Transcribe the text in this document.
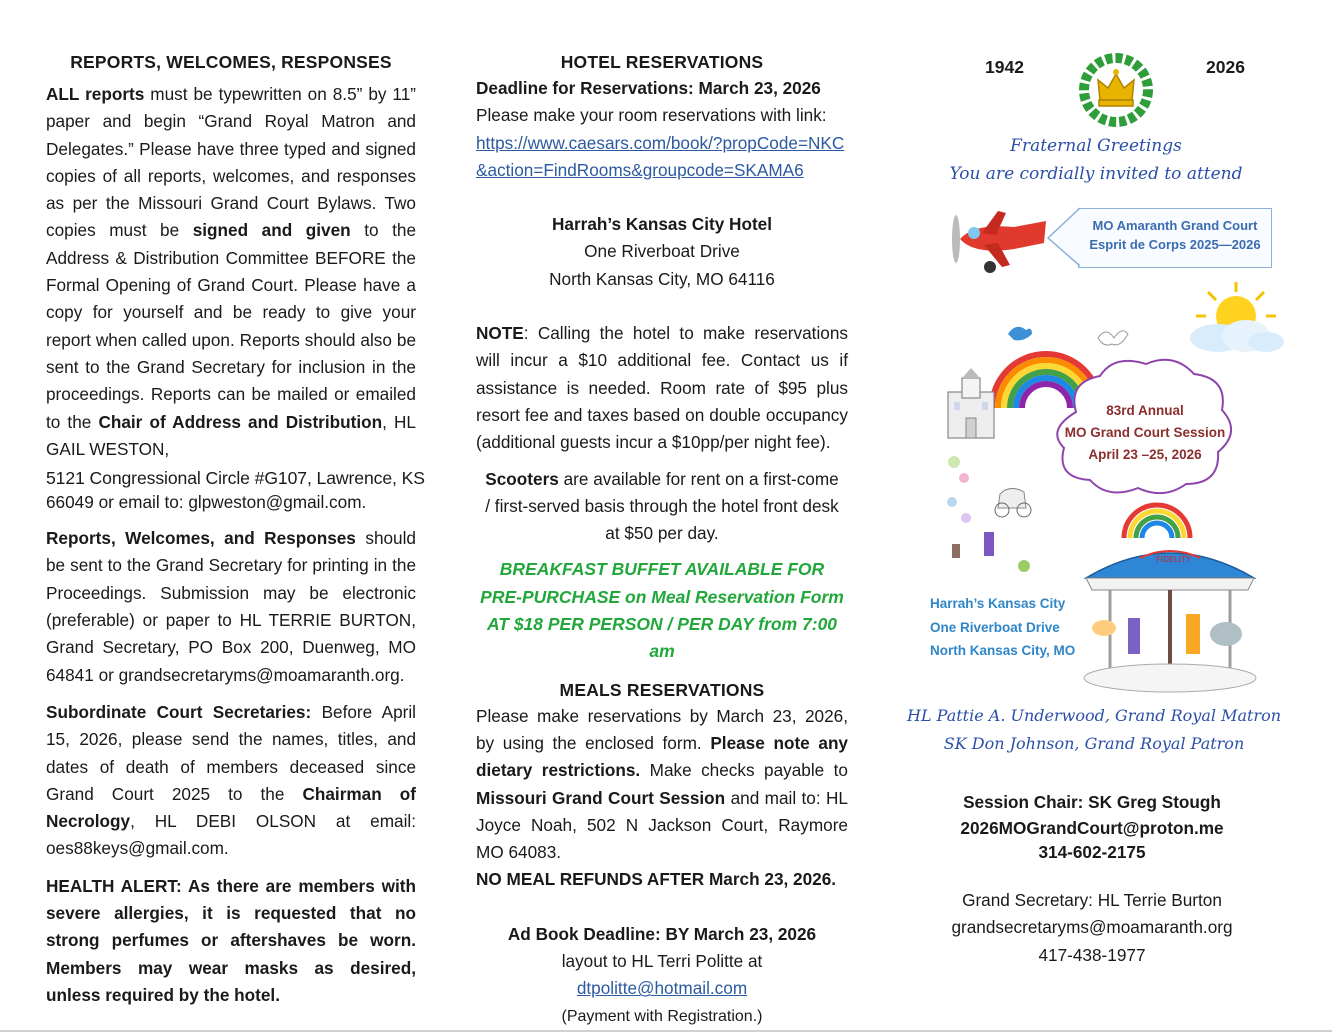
REPORTS, WELCOMES, RESPONSES

ALL reports must be typewritten on 8.5” by 11” paper and begin “Grand Royal Matron and Delegates.” Please have three typed and signed copies of all reports, welcomes, and responses as per the Missouri Grand Court Bylaws. Two copies must be signed and given to the Address & Distribution Committee BEFORE the Formal Opening of Grand Court. Please have a copy for yourself and be ready to give your report when called upon. Reports should also be sent to the Grand Secretary for inclusion in the proceedings. Reports can be mailed or emailed to the Chair of Address and Distribution, HL GAIL WESTON,

5121 Congressional Circle #G107, Lawrence, KS
66049 or email to: glpweston@gmail.com.

Reports, Welcomes, and Responses should be sent to the Grand Secretary for printing in the Proceedings. Submission may be electronic (preferable) or paper to HL TERRIE BURTON, Grand Secretary, PO Box 200, Duenweg, MO 64841 or grandsecretaryms@moamaranth.org.

Subordinate Court Secretaries: Before April 15, 2026, please send the names, titles, and dates of death of members deceased since Grand Court 2025 to the Chairman of Necrology, HL DEBI OLSON at email: oes88keys@gmail.com.

HEALTH ALERT: As there are members with severe allergies, it is requested that no strong perfumes or aftershaves be worn. Members may wear masks as desired, unless required by the hotel.

HOTEL RESERVATIONS
Deadline for Reservations: March 23, 2026
Please make your room reservations with link:
https://www.caesars.com/book/?propCode=NKC
&action=FindRooms&groupcode=SKAMA6
Harrah’s Kansas City Hotel
One Riverboat Drive
North Kansas City, MO 64116

NOTE: Calling the hotel to make reservations will incur a $10 additional fee. Contact us if assistance is needed. Room rate of $95 plus resort fee and taxes based on double occupancy (additional guests incur a $10pp/per night fee).

Scooters are available for rent on a first-come / first-served basis through the hotel front desk at $50 per day.

BREAKFAST BUFFET AVAILABLE FOR
PRE-PURCHASE on Meal Reservation Form
AT $18 PER PERSON / PER DAY from 7:00 am
MEALS RESERVATIONS

Please make reservations by March 23, 2026, by using the enclosed form. Please note any dietary restrictions. Make checks payable to Missouri Grand Court Session and mail to: HL Joyce Noah, 502 N Jackson Court, Raymore MO 64083.

NO MEAL REFUNDS AFTER March 23, 2026.
Ad Book Deadline: BY March 23, 2026
layout to HL Terri Politte at dtpolitte@hotmail.com
(Payment with Registration.)
1942	2026
Fraternal Greetings
You are cordially invited to attend
MO Amaranth Grand Court
Esprit de Corps 2025—2026
83rd Annual
MO Grand Court Session
April 23 –25, 2026
FIDELITY
Harrah’s Kansas City
One Riverboat Drive
North Kansas City, MO
HL Pattie A. Underwood, Grand Royal Matron
SK Don Johnson, Grand Royal Patron
Session Chair: SK Greg Stough
2026MOGrandCourt@proton.me
314-602-2175
Grand Secretary: HL Terrie Burton
grandsecretaryms@moamaranth.org
417-438-1977
